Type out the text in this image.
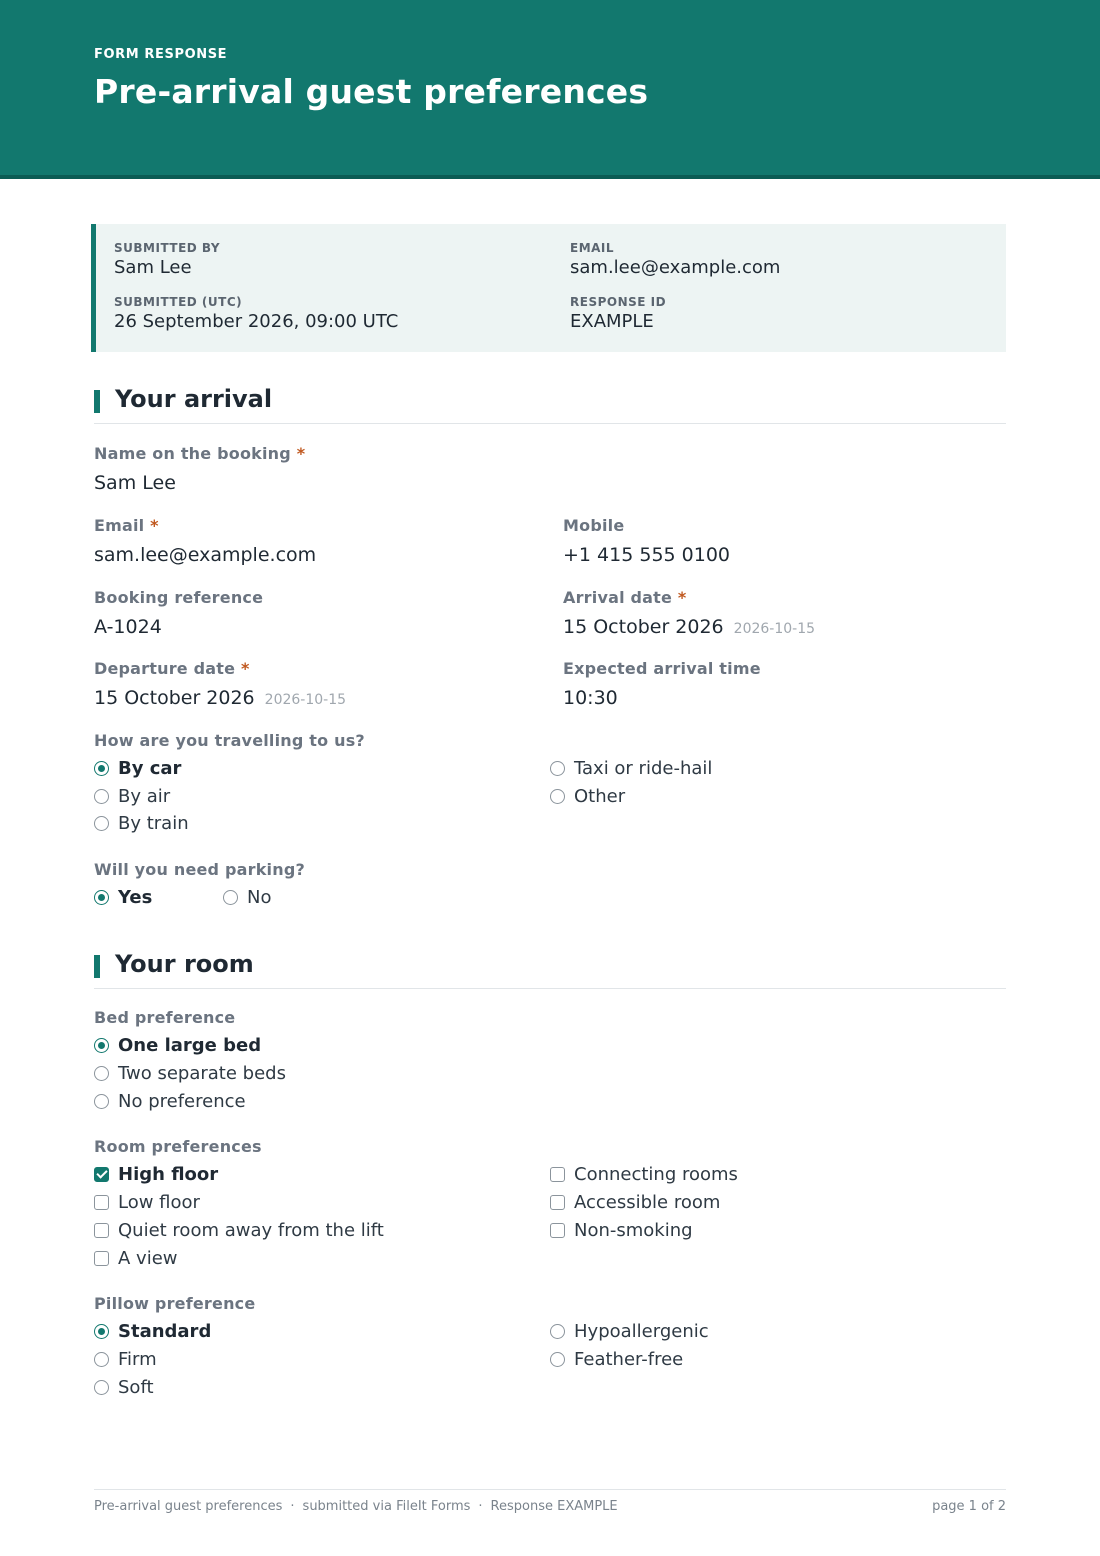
FORM RESPONSE
Pre-arrival guest preferences
SUBMITTED BY
Sam Lee
EMAIL
sam.lee@example.com
SUBMITTED (UTC)
26 September 2026, 09:00 UTC
RESPONSE ID
EXAMPLE
Your arrival
Name on the booking *
Sam Lee
Email *
sam.lee@example.com
Mobile
+1 415 555 0100
Booking reference
A-1024
Arrival date *
15 October 2026 2026-10-15
Departure date *
15 October 2026 2026-10-15
Expected arrival time
10:30
How are you travelling to us?
By car
By air
By train
Taxi or ride-hail
Other
Will you need parking?
Yes	No
Your room
Bed preference
One large bed
Two separate beds
No preference
Room preferences
High floor
Low floor
Quiet room away from the lift
A view
Connecting rooms
Accessible room
Non-smoking
Pillow preference
Standard
Firm
Soft
Hypoallergenic
Feather-free
Pre-arrival guest preferences · submitted via FileIt Forms · Response EXAMPLE	page 1 of 2
